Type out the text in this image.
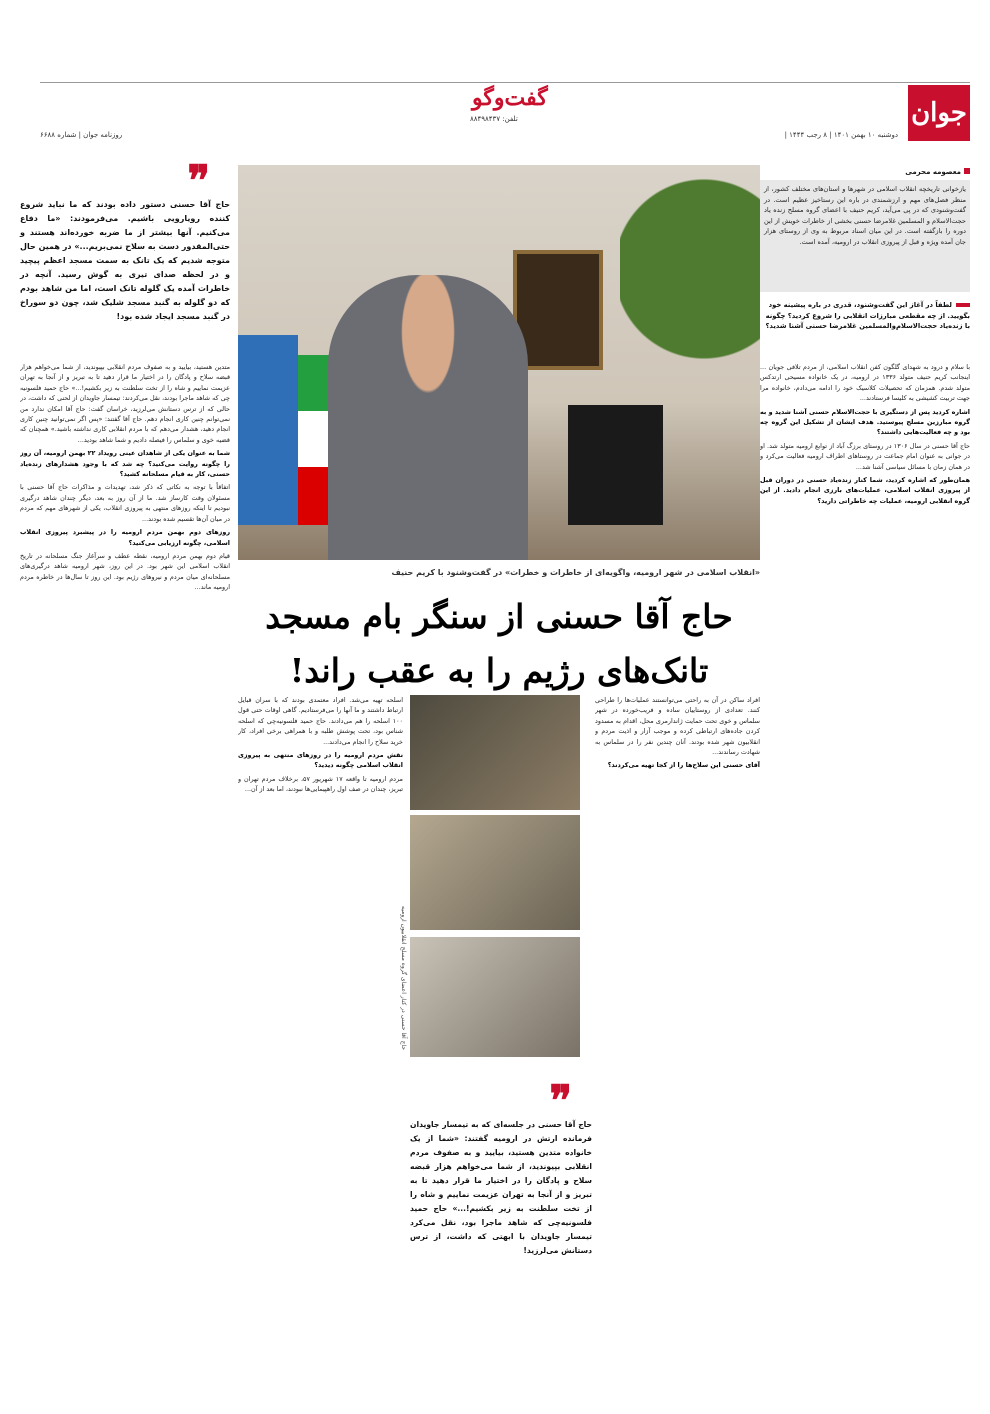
جوان
گفت‌وگو
تلفن: ۸۸۴۹۸۴۳۷
دوشنبه ۱۰ بهمن ۱۴۰۱ | ۸ رجب ۱۴۴۴ |
روزنامه جوان | شماره ۶۶۸۸
معصومه محرمی
یازخوانی تاریخچه انقلاب اسلامی در شهرها و استان‌های مختلف کشور، از منظر فصل‌های مهم و ارزشمندی در باره این رستاخیز عظیم است. در گفت‌وشنودی که در پی می‌آید، کریم حنیف با اعضای گروه مسلح زنده یاد حجت‌الاسلام و المسلمین غلامرضا حسنی بخشی از خاطرات خویش از این دوره را بازگفته است. در این میان اسناد مربوط به وی از روستای هزار جان آمده ویژه و قبل از پیروزی انقلاب در ارومیه، آمده است.
لطفاً در آغاز این گفت‌وشنود، قدری در باره پیشینه خود بگویید. از چه مقطعی مبارزات انقلابی را شروع کردید؟ چگونه با زنده‌یاد حجت‌الاسلام‌والمسلمین غلامرضا حسنی آشنا شدید؟

با سلام و درود به شهدای گلگون کفن انقلاب اسلامی، از مردم تلافی جویان ... اینجانب کریم حنیف متولد ۱۳۳۶ در ارومیه، در یک خانواده مسیحی ارتدکس متولد شدم. همزمان که تحصیلات کلاسیک خود را ادامه می‌دادم، خانواده مرا جهت تربیت کشیشی به کلیسا فرستادند...

اشاره کردید پس از دستگیری با حجت‌الاسلام حسنی آشنا شدید و به گروه مبارزین مسلح پیوستید. هدف ایشان از تشکیل این گروه چه بود و چه فعالیت‌هایی داشتند؟

حاج آقا حسنی در سال ۱۳۰۶ در روستای برزگ آباد از توابع ارومیه متولد شد. او در جوانی به عنوان امام جماعت در روستاهای اطراف ارومیه فعالیت می‌کرد و در همان زمان با مسائل سیاسی آشنا شد...

همان‌طور که اشاره کردید، شما کنار زنده‌یاد حسنی در دوران قبل از پیروزی انقلاب اسلامی، عملیات‌های بارزی انجام دادید. از این گروه انقلابی ارومیه، عملیات چه خاطراتی دارید؟

❞
حاج آقا حسنی دستور داده بودند که ما نباید شروع کننده رویارویی باشیم. می‌فرمودند: «ما دفاع می‌کنیم. آنها بیشتر از ما ضربه خورده‌اند هستند و حتی‌المقدور دست به سلاح نمی‌بریم...» در همین حال متوجه شدیم که یک تانک به سمت مسجد اعظم پیچید و در لحظه صدای تیری به گوش رسید. آنچه در خاطرات آمده یک گلوله تانک است، اما من شاهد بودم که دو گلوله به گنبد مسجد شلیک شد، چون دو سوراخ در گنبد مسجد ایجاد شده بود!

متدین هستید، بیایید و به صفوف مردم انقلابی بپیوندید، از شما می‌خواهم هزار قبضه سلاح و پادگان را در اختیار ما قرار دهید تا به تبریز و از آنجا به تهران عزیمت نماییم و شاه را از تخت سلطنت به زیر بکشیم!...» حاج حمید فلسونیه چی که شاهد ماجرا بودند، نقل می‌کردند: تیمسار جاویدان از لحنی که داشت، در حالی که از ترس دستانش می‌لرزید، خراسان گفت: حاج آقا امکان ندارد من نمی‌توانم چنین کاری انجام دهم. حاج آقا گفتند: «پس اگر نمی‌توانید چنین کاری انجام دهید، هشدار می‌دهم که با مردم انقلابی کاری نداشته باشید.» همچنان که قضیه خوی و سلماس را فیصله دادیم و شما شاهد بودید...

شما به عنوان یکی از شاهدان عینی رویداد ۲۲ بهمن ارومیه، آن روز را چگونه روایت می‌کنید؟ چه شد که با وجود هشدارهای زنده‌یاد حسنی، کار به قیام مسلحانه کشید؟

اتفاقاً با توجه به نکاتی که ذکر شد، تهدیدات و مذاکرات حاج آقا حسنی با مسئولان وقت کارساز شد. ما از آن روز به بعد، دیگر چندان شاهد درگیری نبودیم تا اینکه روزهای منتهی به پیروزی انقلاب، یکی از شهرهای مهم که مردم در میان آن‌ها تقسیم شده بودند...

روزهای دوم بهمن مردم ارومیه را در پیشبرد پیروزی انقلاب اسلامی، چگونه ارزیابی می‌کنید؟

قیام دوم بهمن مردم ارومیه، نقطه عطف و سرآغاز جنگ مسلحانه در تاریخ انقلاب اسلامی این شهر بود. در این روز، شهر ارومیه شاهد درگیری‌های مسلحانه‌ای میان مردم و نیروهای رژیم بود. این روز تا سال‌ها در خاطره مردم ارومیه ماند...

«انقلاب اسلامی در شهر ارومیه، واگویه‌ای از خاطرات و خطرات» در گفت‌وشنود با کریم حنیف
حاج آقا حسنی از سنگر بام مسجد
تانک‌های رژیم را به عقب راند!

افراد ساکن در آن به راحتی می‌توانستند عملیات‌ها را طراحی کنند. تعدادی از روستاییان ساده و فریب‌خورده در شهر سلماس و خوی تحت حمایت ژاندارمری محل، اقدام به مسدود کردن جاده‌های ارتباطی کرده و موجب آزار و اذیت مردم و انقلابیون شهر شده بودند. آنان چندین نفر را در سلماس به شهادت رساندند...

آقای حسنی این سلاح‌ها را از کجا تهیه می‌کردند؟

اسلحه تهیه می‌شد. افراد معتمدی بودند که با سران قبایل ارتباط داشتند و ما آنها را می‌فرستادیم. گاهی اوقات حتی قول ۱۰۰ اسلحه را هم می‌دادند. حاج حمید فلسونیه‌چی که اسلحه شناس بود، تحت پوشش طلبه و با همراهی برخی افراد، کار خرید سلاح را انجام می‌دادند...

نقش مردم ارومیه را در روزهای منتهی به پیروزی انقلاب اسلامی چگونه دیدید؟

مردم ارومیه تا واقعه ۱۷ شهریور ۵۷، برخلاف مردم تهران و تبریز، چندان در صف اول راهپیمایی‌ها نبودند، اما بعد از آن...

حاج آقا حسنی در کنار اعضای گروه مسلح انقلابیون ارومیه
❞
حاج آقا حسنی در جلسه‌ای که به تیمسار جاویدان فرمانده ارتش در ارومیه گفتند: «شما از یک خانواده متدین هستید، بیایید و به صفوف مردم انقلابی بپیوندید، از شما می‌خواهم هزار قبضه سلاح و پادگان را در اختیار ما قرار دهید تا به تبریز و از آنجا به تهران عزیمت نماییم و شاه را از تخت سلطنت به زیر بکشیم!...» حاج حمید فلسونیه‌چی که شاهد ماجرا بود، نقل می‌کرد تیمسار جاویدان با ابهتی که داشت، از ترس دستانش می‌لرزید!
